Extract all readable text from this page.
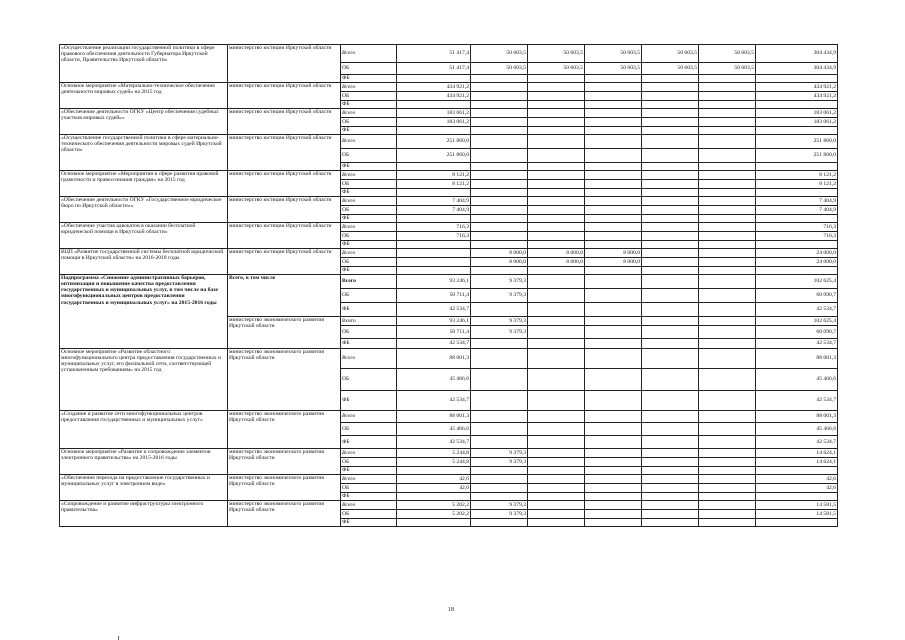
«Осуществление реализации государственной политики в сфере правового обеспечения деятельности Губернатора Иркутской области, Правительства Иркутской области»	министерство юстиции Иркутской области	Всего	51 417,4	50 603,5	50 603,5	50 603,5	50 603,5	50 603,5	304 434,9
		ОБ	51 417,4	50 603,5	50 603,5	50 603,5	50 603,5	50 603,5	304 434,9
		ФБ							
Основное мероприятие «Материально-техническое обеспечение деятельности мировых судей» на 2015 год	министерство юстиции Иркутской области	Всего	434 921,2						434 921,2
		ОБ	434 921,2						434 921,2
		ФБ							
«Обеспечение деятельности ОГКУ «Центр обеспечения судебных участков мировых судей»»	министерство юстиции Иркутской области	Всего	183 061,2						183 061,2
		ОБ	183 061,2						183 061,2
		ФБ							
«Осуществление государственной политики в сфере материально-технического обеспечения деятельности мировых судей Иркутской области»	министерство юстиции Иркутской области	Всего	251 860,0						251 860,0
		ОБ	251 860,0						251 860,0
		ФБ							
Основное мероприятие «Мероприятия в сфере развития правовой грамотности и правосознания граждан» на 2015 год	министерство юстиции Иркутской области	Всего	8 121,2						8 121,2
		ОБ	8 121,2						8 121,2
		ФБ							
«Обеспечение деятельности ОГКУ «Государственное юридическое бюро по Иркутской области»»	министерство юстиции Иркутской области	Всего	7 404,9						7 404,9
		ОБ	7 404,9						7 404,9
		ФБ							
«Обеспечение участия адвокатов в оказании бесплатной юридической помощи в Иркутской области»	министерство юстиции Иркутской области	Всего	716,3						716,3
		ОБ	716,3						716,3
		ФБ							
ВЦП «Развитие государственной системы бесплатной юридической помощи в Иркутской области» на 2016-2018 годы	министерство юстиции Иркутской области	Всего		8 000,0	8 000,0	8 000,0			24 000,0
		ОБ		8 000,0	8 000,0	8 000,0			24 000,0
		ФБ							
Подпрограмма «Снижение административных барьеров, оптимизация и повышение качества предоставления государственных и муниципальных услуг, в том числе на базе многофункциональных центров предоставления государственных и муниципальных услуг» на 2015-2016 годы	Всего, в том числе	Всего	93 246,1	9 379,3					102 625,4
		ОБ	50 711,4	9 379,3					60 090,7
		ФБ	42 534,7						42 534,7
	министерство экономического развития Иркутской области	Всего	93 246,1	9 379,3					102 625,4
		ОБ	50 711,4	9 379,3					60 090,7
		ФБ	42 534,7						42 534,7
Основное мероприятие «Развитие областного многофункционального центра предоставления государственных и муниципальных услуг, его филиальной сети, соответствующей установленным требованиям» на 2015 год	министерство экономического развития Иркутской области	Всего	88 001,3						88 001,3
		ОБ	45 466,6						45 466,6
		ФБ	42 534,7						42 534,7
«Создание и развитие сети многофункциональных центров предоставления государственных и муниципальных услуг»	министерство экономического развития Иркутской области	Всего	88 001,3						88 001,3
		ОБ	45 466,6						45 466,6
		ФБ	42 534,7						42 534,7
Основное мероприятие «Развитие и сопровождение элементов электронного правительства» на 2015-2016 годы	министерство экономического развития Иркутской области	Всего	5 244,8	9 379,3					14 624,1
		ОБ	5 244,8	9 379,3					14 624,1
		ФБ							
«Обеспечение перехода на предоставление государственных и муниципальных услуг в электронном виде»	министерство экономического развития Иркутской области	Всего	42,6						42,6
		ОБ	42,6						42,6
		ФБ							
«Сопровождение и развитие инфраструктуры электронного правительства»	министерство экономического развития Иркутской области	Всего	5 202,2	9 379,3					14 581,5
		ОБ	5 202,2	9 379,3					14 581,5
		ФБ							
18
